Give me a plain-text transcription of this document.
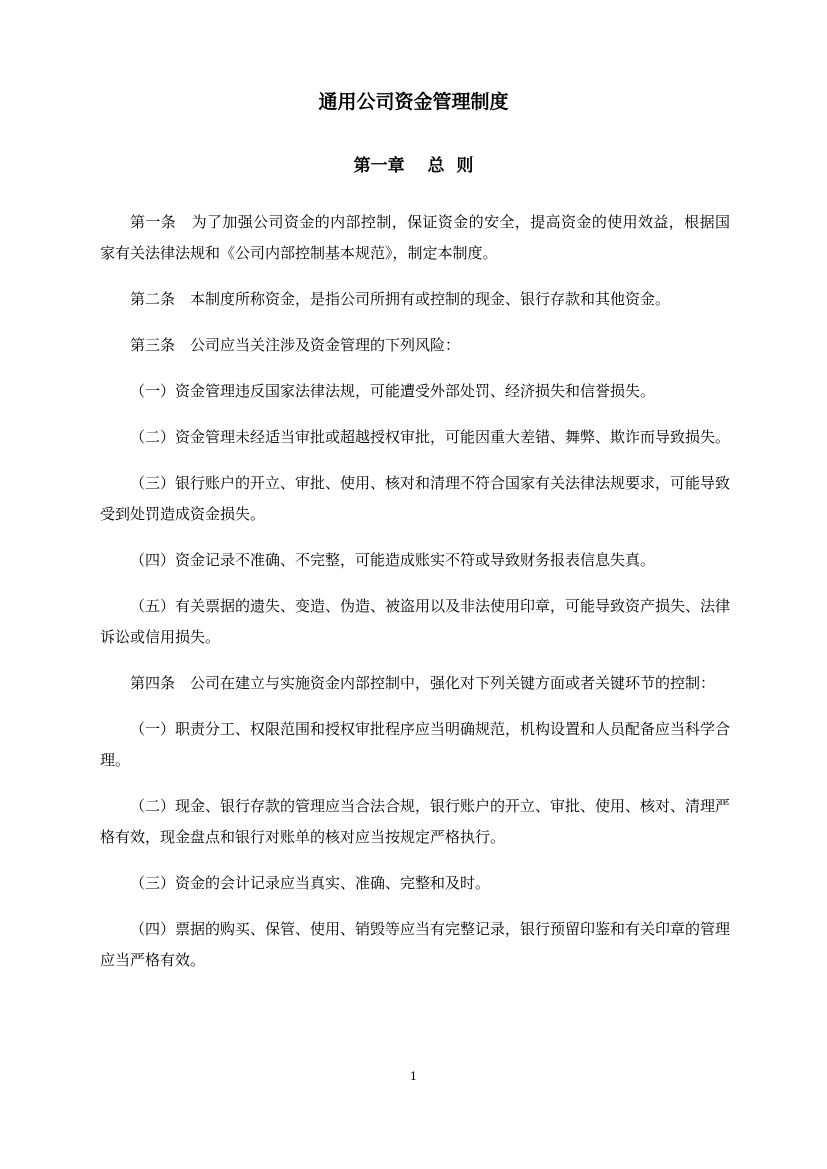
通用公司资金管理制度
第一章　 总  则

第一条　为了加强公司资金的内部控制，保证资金的安全，提高资金的使用效益，根据国家有关法律法规和《公司内部控制基本规范》，制定本制度。

第二条　本制度所称资金，是指公司所拥有或控制的现金、银行存款和其他资金。

第三条　公司应当关注涉及资金管理的下列风险：

（一）资金管理违反国家法律法规，可能遭受外部处罚、经济损失和信誉损失。

（二）资金管理未经适当审批或超越授权审批，可能因重大差错、舞弊、欺诈而导致损失。

（三）银行账户的开立、审批、使用、核对和清理不符合国家有关法律法规要求，可能导致受到处罚造成资金损失。

（四）资金记录不准确、不完整，可能造成账实不符或导致财务报表信息失真。

（五）有关票据的遗失、变造、伪造、被盗用以及非法使用印章，可能导致资产损失、法律诉讼或信用损失。

第四条　公司在建立与实施资金内部控制中，强化对下列关键方面或者关键环节的控制：

（一）职责分工、权限范围和授权审批程序应当明确规范，机构设置和人员配备应当科学合理。

（二）现金、银行存款的管理应当合法合规，银行账户的开立、审批、使用、核对、清理严格有效，现金盘点和银行对账单的核对应当按规定严格执行。

（三）资金的会计记录应当真实、准确、完整和及时。

（四）票据的购买、保管、使用、销毁等应当有完整记录，银行预留印鉴和有关印章的管理应当严格有效。

1
